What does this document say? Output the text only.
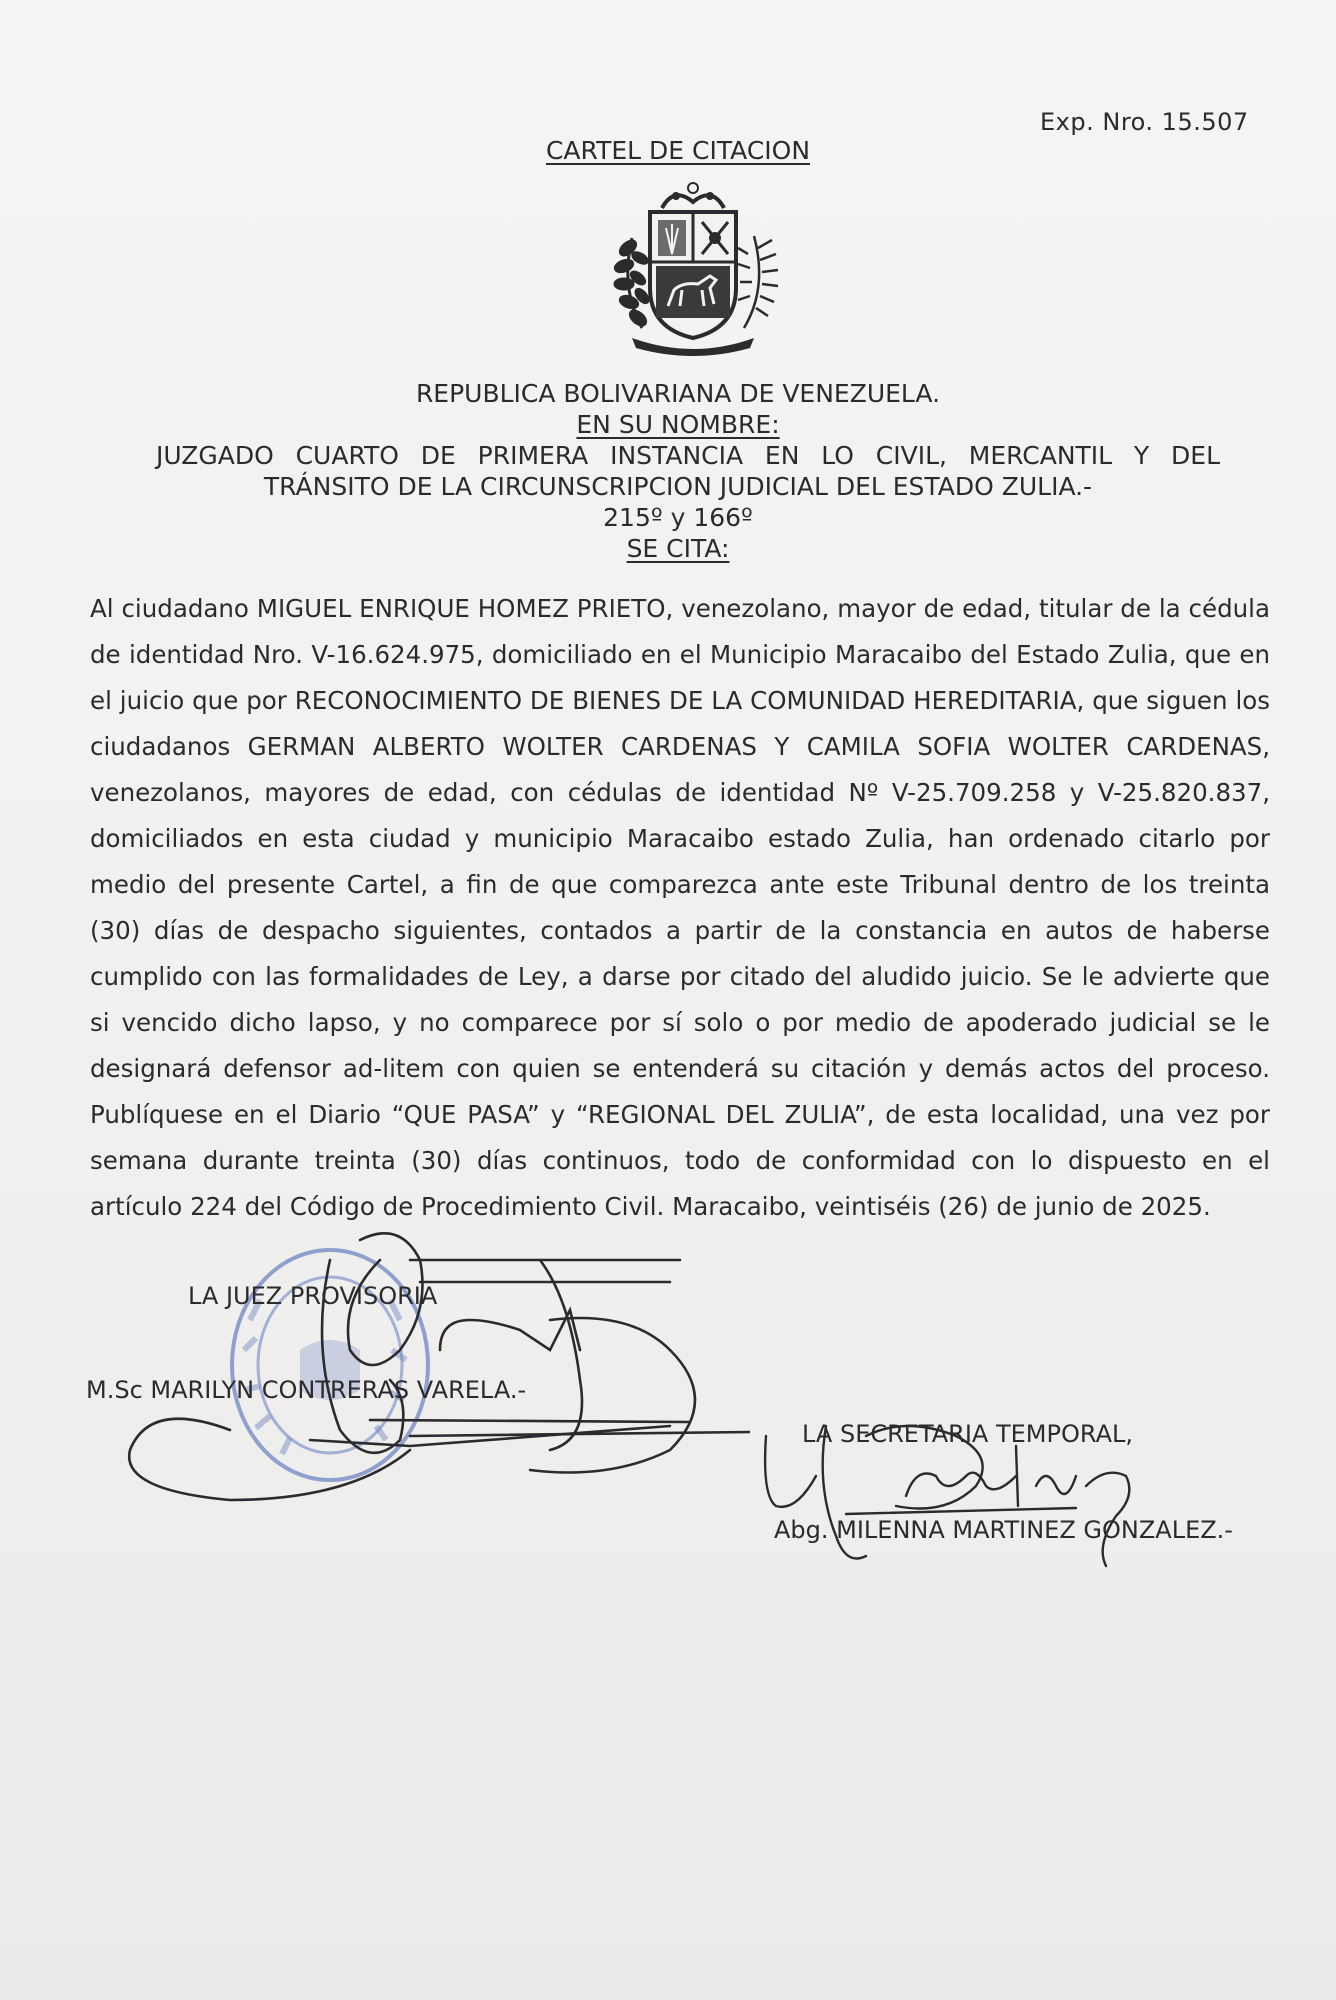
Exp. Nro. 15.507
CARTEL DE CITACION
REPUBLICA BOLIVARIANA DE VENEZUELA.
EN SU NOMBRE:
JUZGADO CUARTO DE PRIMERA INSTANCIA EN LO CIVIL, MERCANTIL Y DEL
TRÁNSITO DE LA CIRCUNSCRIPCION JUDICIAL DEL ESTADO ZULIA.-
215º y 166º
SE CITA:
Al ciudadano MIGUEL ENRIQUE HOMEZ PRIETO, venezolano, mayor de edad, titular de la cédula de identidad Nro. V-16.624.975, domiciliado en el Municipio Maracaibo del Estado Zulia, que en el juicio que por RECONOCIMIENTO DE BIENES DE LA COMUNIDAD HEREDITARIA, que siguen los ciudadanos GERMAN ALBERTO WOLTER CARDENAS Y CAMILA SOFIA WOLTER CARDENAS, venezolanos, mayores de edad, con cédulas de identidad Nº V-25.709.258 y V-25.820.837, domiciliados en esta ciudad y municipio Maracaibo estado Zulia, han ordenado citarlo por medio del presente Cartel, a fin de que comparezca ante este Tribunal dentro de los treinta (30) días de despacho siguientes, contados a partir de la constancia en autos de haberse cumplido con las formalidades de Ley, a darse por citado del aludido juicio. Se le advierte que si vencido dicho lapso, y no comparece por sí solo o por medio de apoderado judicial se le designará defensor ad-litem con quien se entenderá su citación y demás actos del proceso. Publíquese en el Diario “QUE PASA” y “REGIONAL DEL ZULIA”, de esta localidad, una vez por semana durante treinta (30) días continuos, todo de conformidad con lo dispuesto en el artículo 224 del Código de Procedimiento Civil. Maracaibo, veintiséis (26) de junio de 2025.
LA JUEZ PROVISORIA
M.Sc MARILYN CONTRERAS VARELA.-
LA SECRETARIA TEMPORAL,
Abg. MILENNA MARTINEZ GONZALEZ.-
